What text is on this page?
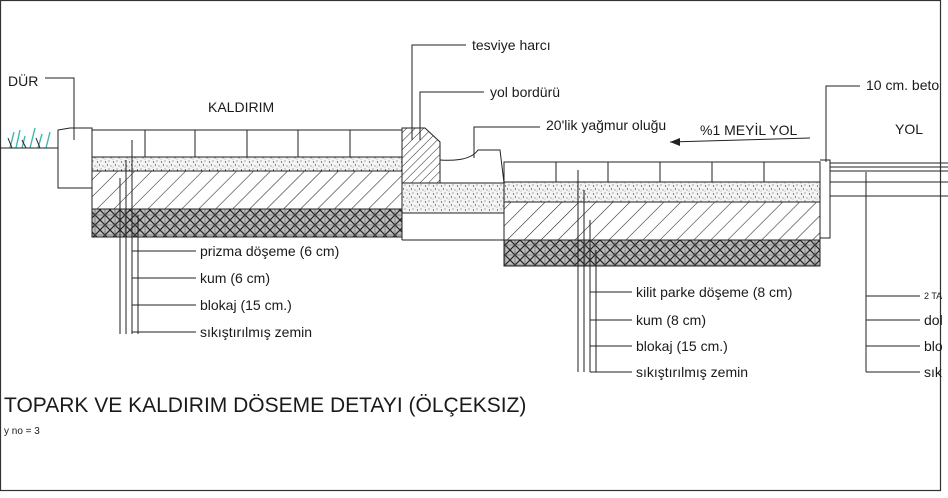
DÜR
KALDIRIM
tesviye harcı
yol bordürü
20'lik yağmur oluğu %1 MEYİL YOL	YOL
10 cm. beto
prizma döşeme (6 cm)
kum (6 cm)
blokaj (15 cm.)
sıkıştırılmış zemin
kilit parke döşeme (8 cm)
kum (8 cm)
blokaj (15 cm.)
sıkıştırılmış zemin
2 TA
dol
blo
sık
TOPARK VE KALDIRIM DÖSEME DETAYI (ÖLÇEKSIZ)
y no = 3
